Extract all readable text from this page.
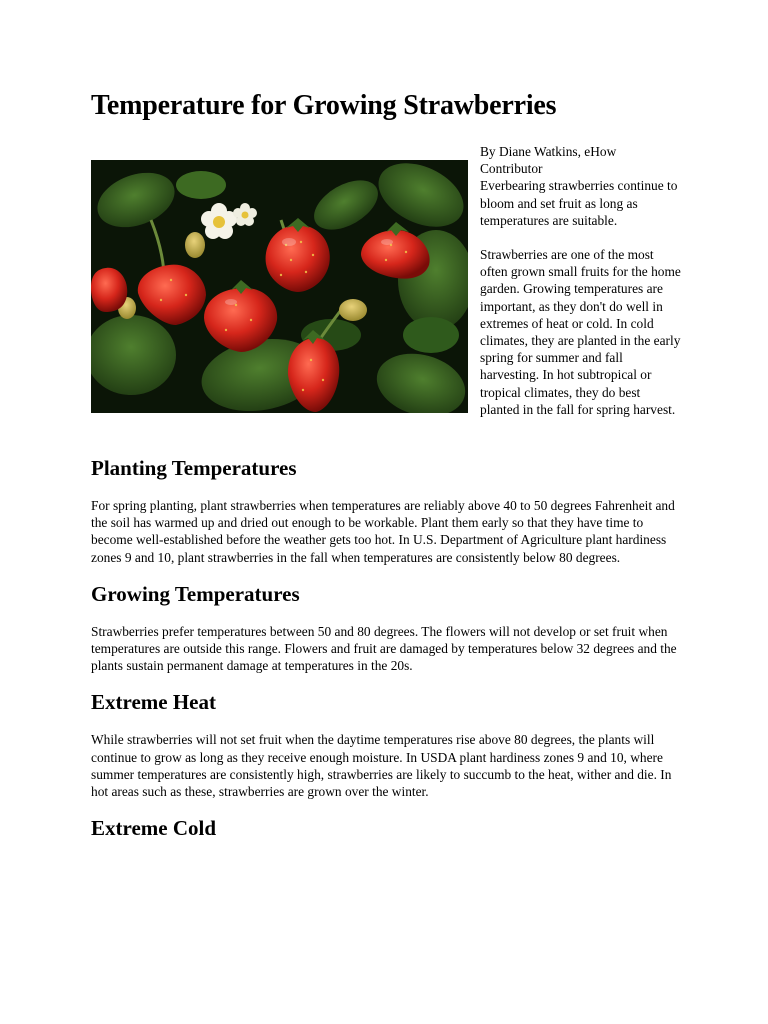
Temperature for Growing Strawberries

By Diane Watkins, eHow Contributor
Everbearing strawberries continue to bloom and set fruit as long as temperatures are suitable.

Strawberries are one of the most often grown small fruits for the home garden. Growing temperatures are important, as they don't do well in extremes of heat or cold. In cold climates, they are planted in the early spring for summer and fall harvesting. In hot subtropical or tropical climates, they do best planted in the fall for spring harvest.

Planting Temperatures

For spring planting, plant strawberries when temperatures are reliably above 40 to 50 degrees Fahrenheit and the soil has warmed up and dried out enough to be workable. Plant them early so that they have time to become well-established before the weather gets too hot. In U.S. Department of Agriculture plant hardiness zones 9 and 10, plant strawberries in the fall when temperatures are consistently below 80 degrees.

Growing Temperatures

Strawberries prefer temperatures between 50 and 80 degrees. The flowers will not develop or set fruit when temperatures are outside this range. Flowers and fruit are damaged by temperatures below 32 degrees and the plants sustain permanent damage at temperatures in the 20s.

Extreme Heat

While strawberries will not set fruit when the daytime temperatures rise above 80 degrees, the plants will continue to grow as long as they receive enough moisture. In USDA plant hardiness zones 9 and 10, where summer temperatures are consistently high, strawberries are likely to succumb to the heat, wither and die. In hot areas such as these, strawberries are grown over the winter.

Extreme Cold
